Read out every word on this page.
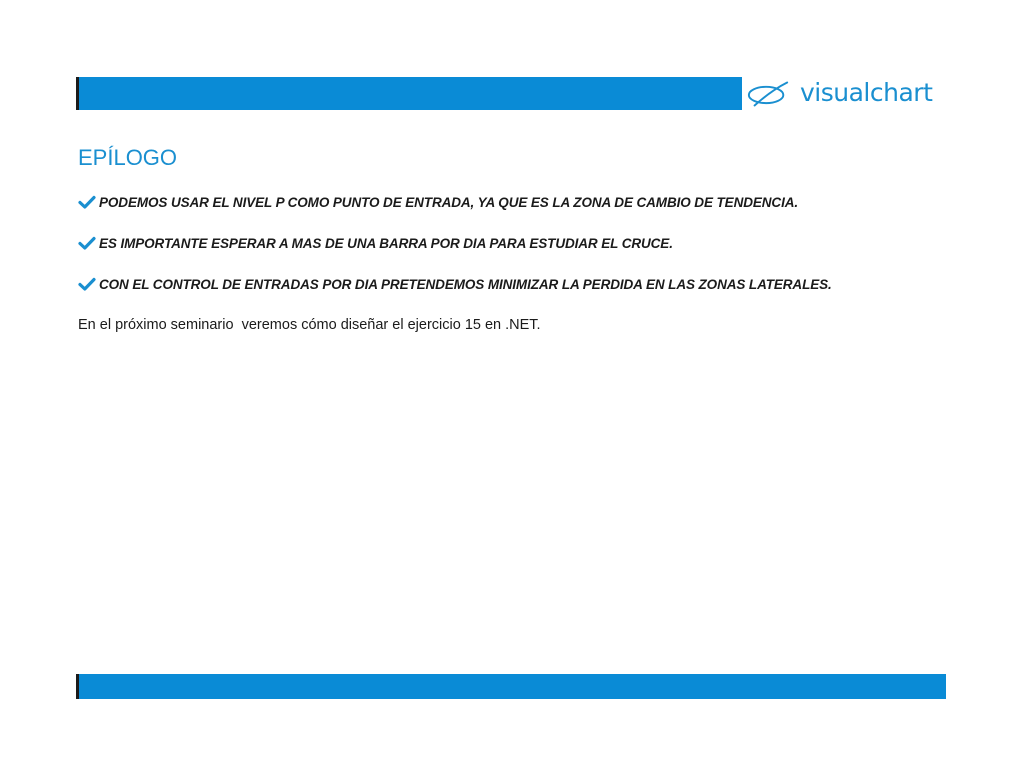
visualchart
EPÍLOGO
PODEMOS USAR EL NIVEL P COMO PUNTO DE ENTRADA, YA QUE ES LA ZONA DE CAMBIO DE TENDENCIA.
ES IMPORTANTE ESPERAR A MAS DE UNA BARRA POR DIA PARA ESTUDIAR EL CRUCE.
CON EL CONTROL DE ENTRADAS POR DIA PRETENDEMOS MINIMIZAR LA PERDIDA EN LAS ZONAS LATERALES.

En el próximo seminario  veremos cómo diseñar el ejercicio 15 en .NET.
